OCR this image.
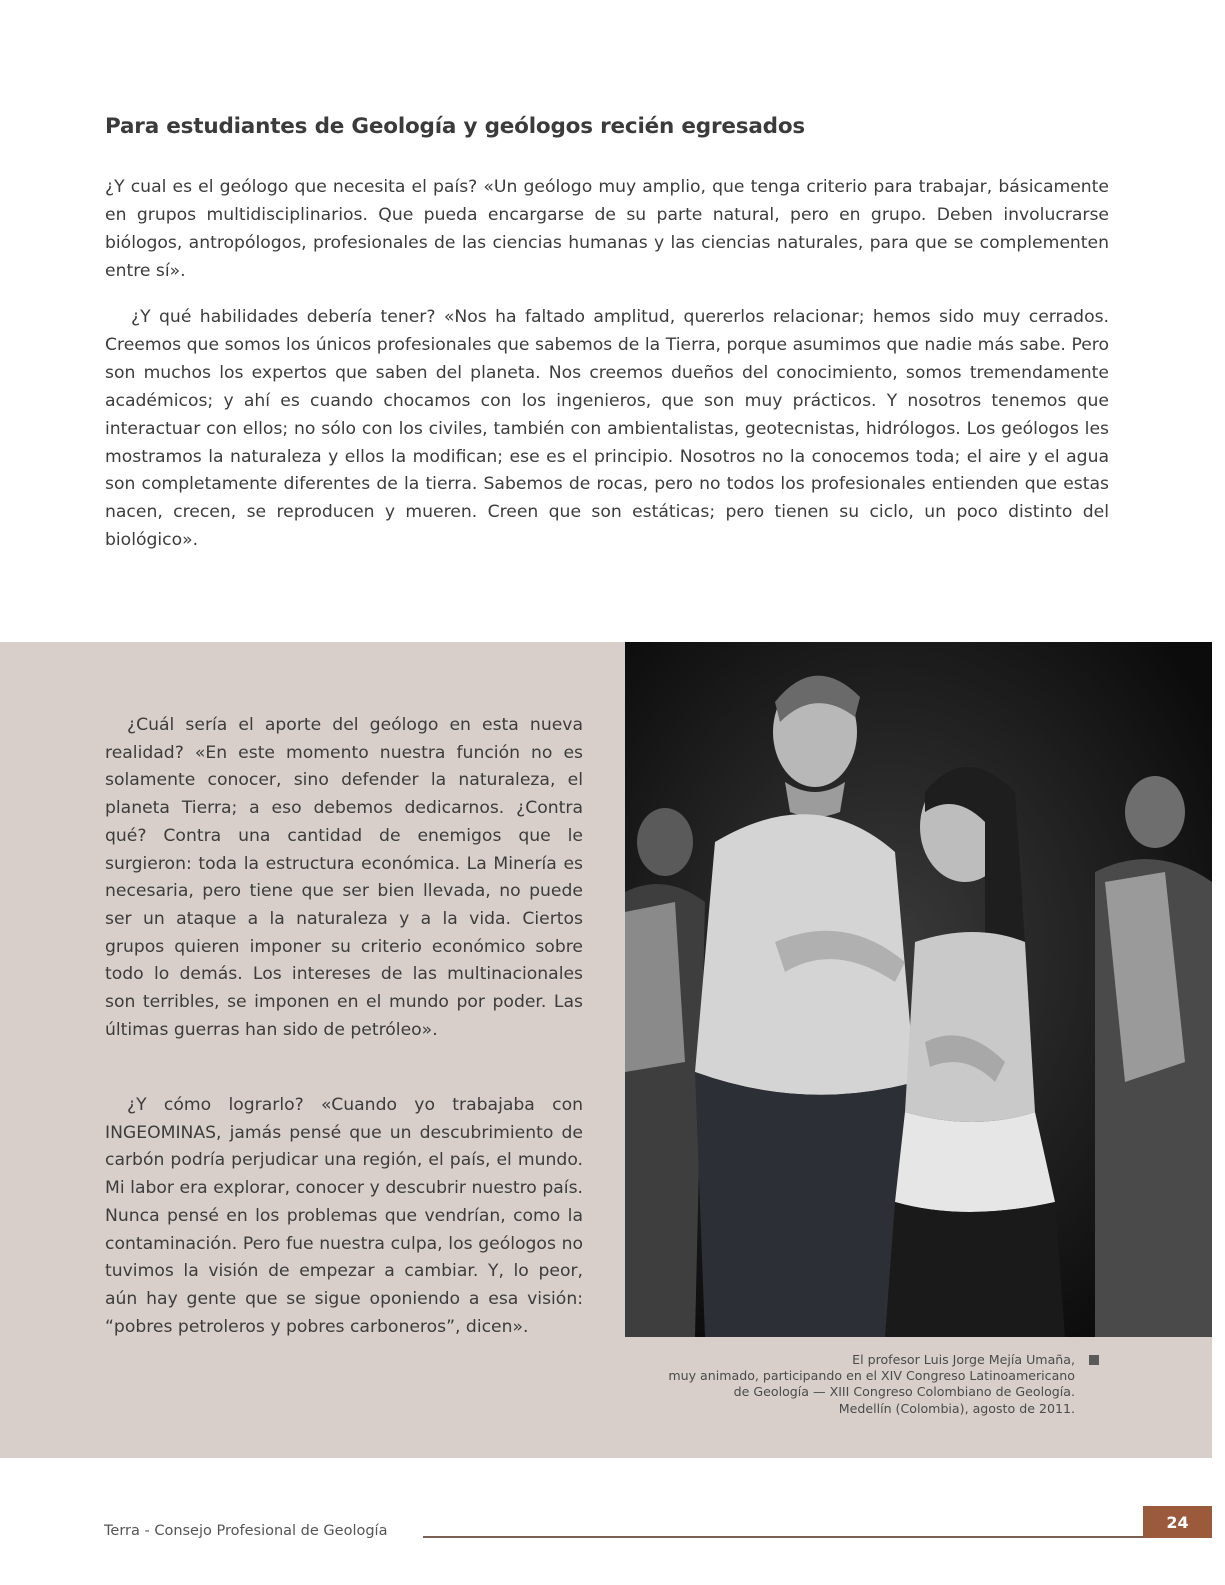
Para estudiantes de Geología y geólogos recién egresados

¿Y cual es el geólogo que necesita el país? «Un geólogo muy amplio, que tenga criterio para trabajar, básicamente en grupos multidisciplinarios. Que pueda encargarse de su parte natural, pero en grupo. Deben involucrarse biólogos, antropólogos, profesionales de las ciencias humanas y las ciencias naturales, para que se complementen entre sí».

¿Y qué habilidades debería tener? «Nos ha faltado amplitud, quererlos relacionar; hemos sido muy cerrados. Creemos que somos los únicos profesionales que sabemos de la Tierra, porque asumimos que nadie más sabe. Pero son muchos los expertos que saben del planeta. Nos creemos dueños del conocimiento, somos tremendamente académicos; y ahí es cuando chocamos con los ingenieros, que son muy prácticos. Y nosotros tenemos que interactuar con ellos; no sólo con los civiles, también con ambientalistas, geotecnistas, hidrólogos. Los geólogos les mostramos la naturaleza y ellos la modifican; ese es el principio. Nosotros no la conocemos toda; el aire y el agua son completamente diferentes de la tierra. Sabemos de rocas, pero no todos los profesionales entienden que estas nacen, crecen, se reproducen y mueren. Creen que son estáticas; pero tienen su ciclo, un poco distinto del biológico».

¿Cuál sería el aporte del geólogo en esta nueva realidad? «En este momento nuestra función no es solamente conocer, sino defender la naturaleza, el planeta Tierra; a eso debemos dedicarnos. ¿Contra qué? Contra una cantidad de enemigos que le surgieron: toda la estructura económica. La Minería es necesaria, pero tiene que ser bien llevada, no puede ser un ataque a la naturaleza y a la vida. Ciertos grupos quieren imponer su criterio económico sobre todo lo demás. Los intereses de las multinacionales son terribles, se imponen en el mundo por poder. Las últimas guerras han sido de petróleo».

¿Y cómo lograrlo? «Cuando yo trabajaba con INGEOMINAS, jamás pensé que un descubrimiento de carbón podría perjudicar una región, el país, el mundo. Mi labor era explorar, conocer y descubrir nuestro país. Nunca pensé en los problemas que vendrían, como la contaminación. Pero fue nuestra culpa, los geólogos no tuvimos la visión de empezar a cambiar. Y, lo peor, aún hay gente que se sigue oponiendo a esa visión: “pobres petroleros y pobres carboneros”, dicen».

El profesor Luis Jorge Mejía Umaña,
muy animado, participando en el XIV Congreso Latinoamericano
de Geología — XIII Congreso Colombiano de Geología.
Medellín (Colombia), agosto de 2011.

Terra - Consejo Profesional de Geología	24
